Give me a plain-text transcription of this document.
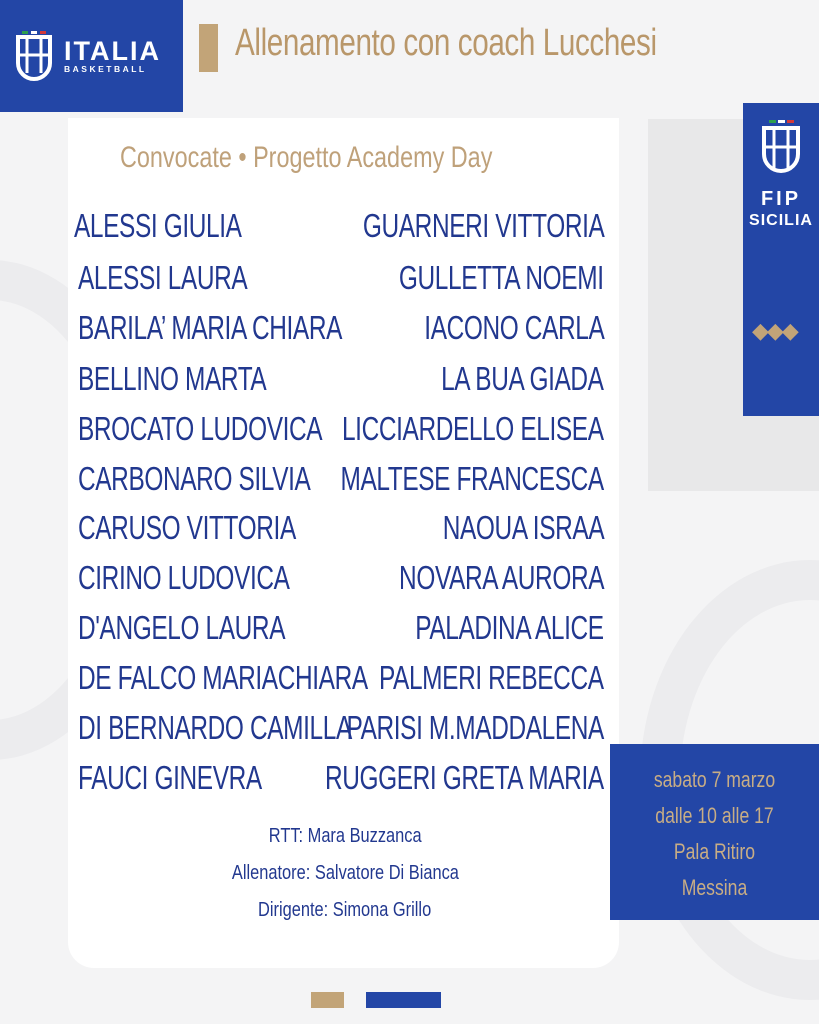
ITALIA
BASKETBALL
Allenamento con coach Lucchesi
FIP
SICILIA
◆◆◆
Convocate • Progetto Academy Day
ALESSI GIULIA
ALESSI LAURA
BARILA’ MARIA CHIARA
BELLINO MARTA
BROCATO LUDOVICA
CARBONARO SILVIA
CARUSO VITTORIA
CIRINO LUDOVICA
D'ANGELO LAURA
DE FALCO MARIACHIARA
DI BERNARDO CAMILLA
FAUCI GINEVRA
GUARNERI VITTORIA
GULLETTA NOEMI
IACONO CARLA
LA BUA GIADA
LICCIARDELLO ELISEA
MALTESE FRANCESCA
NAOUA ISRAA
NOVARA AURORA
PALADINA ALICE
PALMERI REBECCA
PARISI M.MADDALENA
RUGGERI GRETA MARIA
RTT: Mara Buzzanca
Allenatore: Salvatore Di Bianca
Dirigente: Simona Grillo
sabato 7 marzo
dalle 10 alle 17
Pala Ritiro
Messina
